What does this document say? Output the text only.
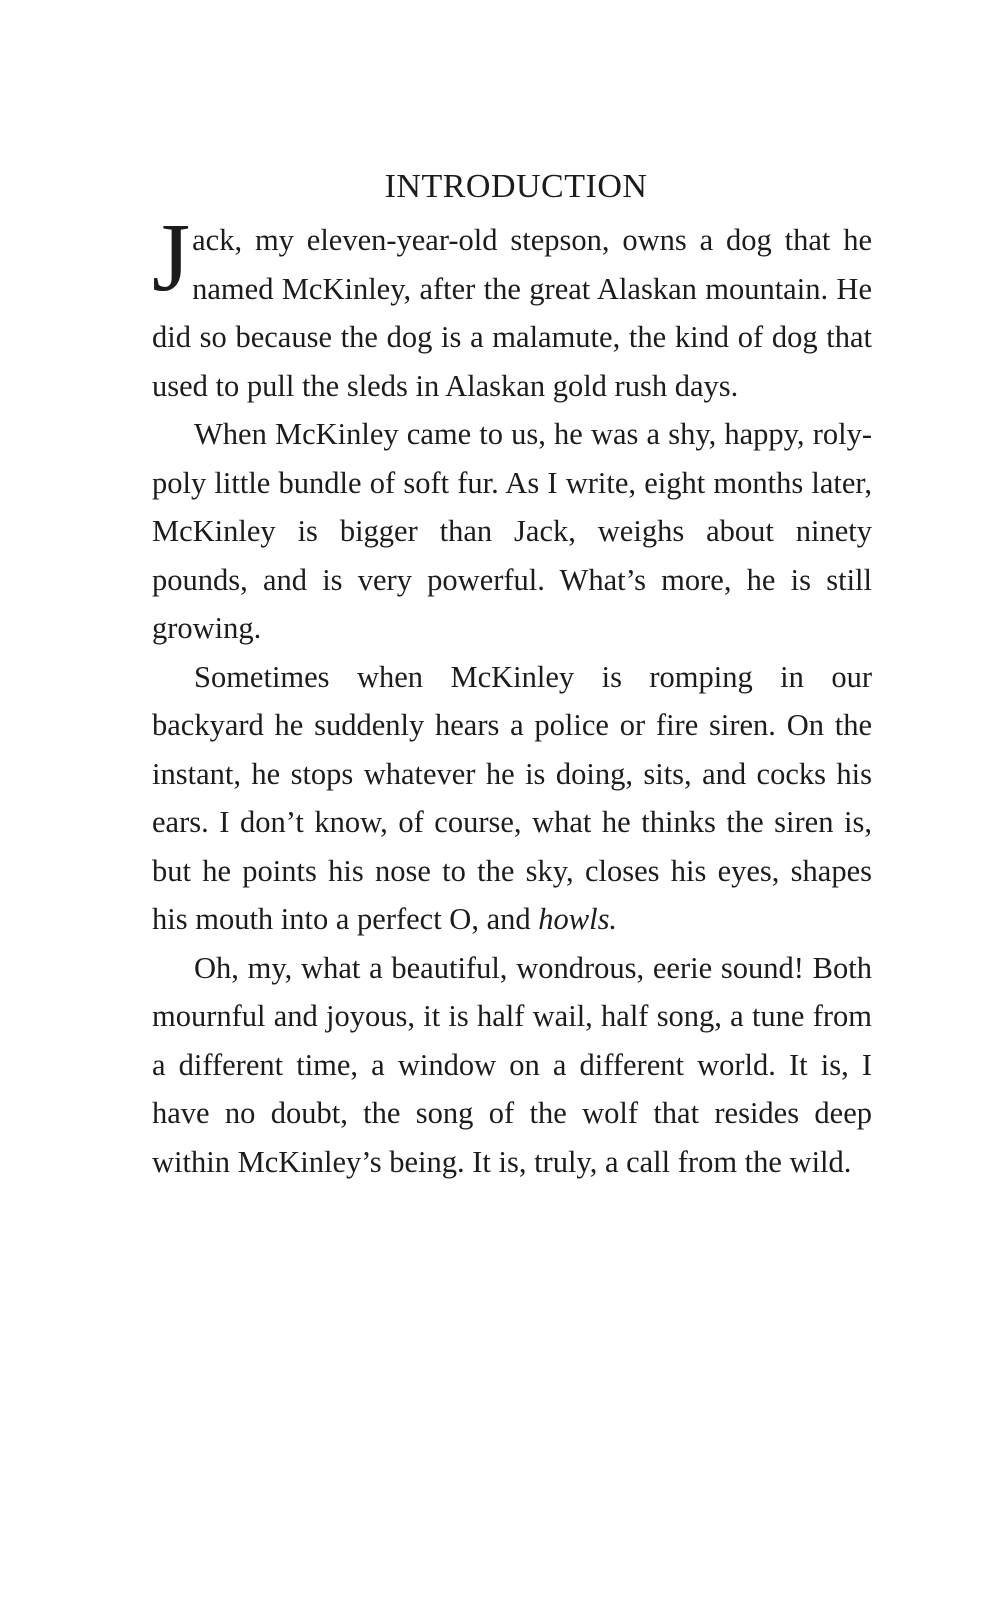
INTRODUCTION

Jack, my eleven-year-old stepson, owns a dog that he named McKinley, after the great Alaskan mountain. He did so because the dog is a malamute, the kind of dog that used to pull the sleds in Alaskan gold rush days.

When McKinley came to us, he was a shy, happy, roly-poly little bundle of soft fur. As I write, eight months later, McKinley is bigger than Jack, weighs about ninety pounds, and is very powerful. What’s more, he is still growing.

Sometimes when McKinley is romping in our backyard he suddenly hears a police or fire siren. On the instant, he stops whatever he is doing, sits, and cocks his ears. I don’t know, of course, what he thinks the siren is, but he points his nose to the sky, closes his eyes, shapes his mouth into a perfect O, and howls.

Oh, my, what a beautiful, wondrous, eerie sound! Both mournful and joyous, it is half wail, half song, a tune from a different time, a window on a different world. It is, I have no doubt, the song of the wolf that resides deep within McKinley’s being. It is, truly, a call from the wild.
